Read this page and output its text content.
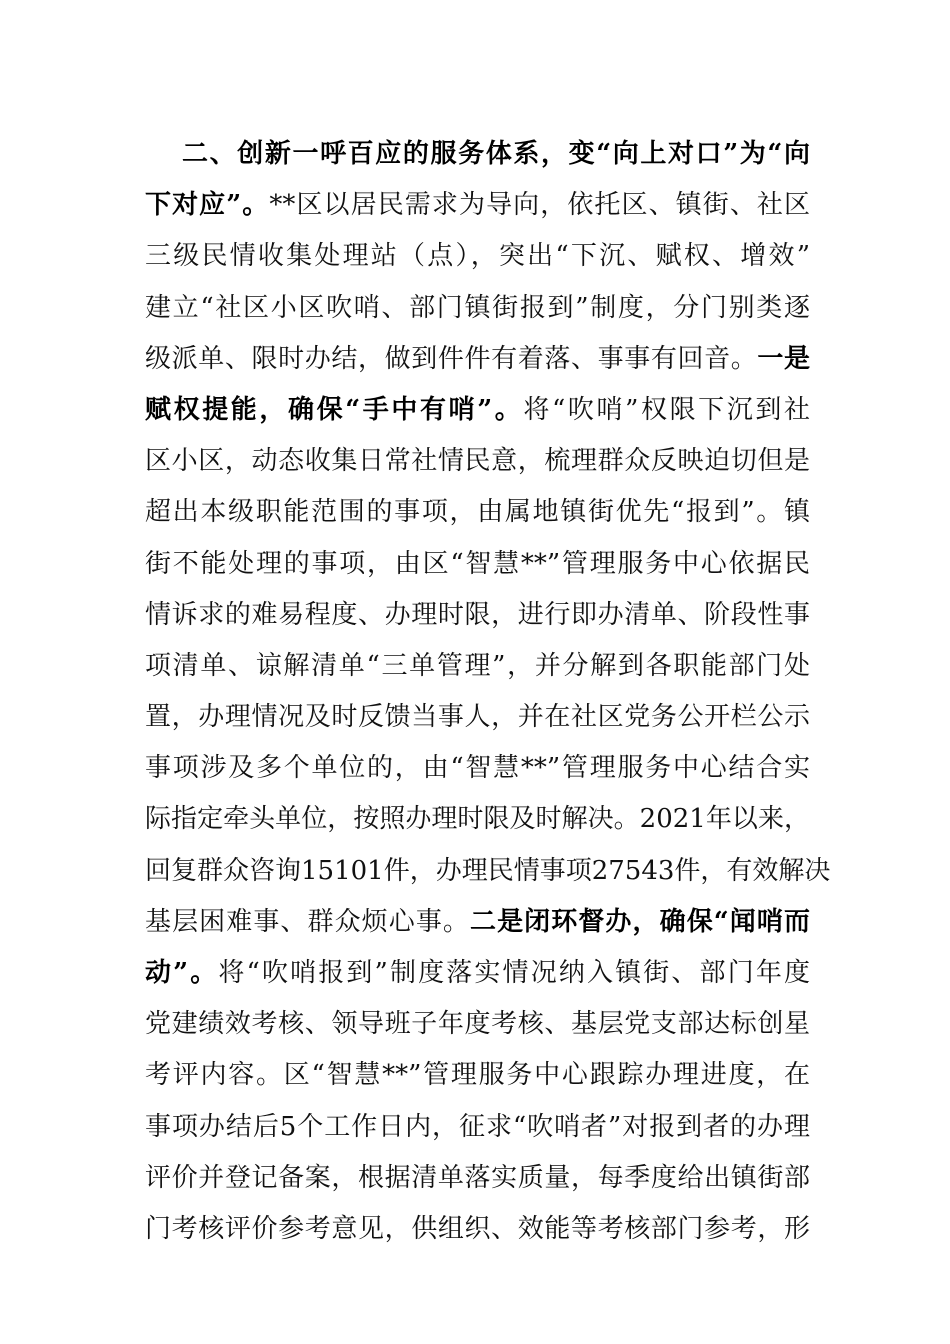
二、创新一呼百应的服务体系，变“向上对口”为“向
下对应”。**区以居民需求为导向，依托区、镇街、社区
三级民情收集处理站（点），突出“下沉、赋权、增效”
建立“社区小区吹哨、部门镇街报到”制度，分门别类逐
级派单、限时办结，做到件件有着落、事事有回音。一是
赋权提能，确保“手中有哨”。将“吹哨”权限下沉到社
区小区，动态收集日常社情民意，梳理群众反映迫切但是
超出本级职能范围的事项，由属地镇街优先“报到”。镇
街不能处理的事项，由区“智慧**”管理服务中心依据民
情诉求的难易程度、办理时限，进行即办清单、阶段性事
项清单、谅解清单“三单管理”，并分解到各职能部门处
置，办理情况及时反馈当事人，并在社区党务公开栏公示
事项涉及多个单位的，由“智慧**”管理服务中心结合实
际指定牵头单位，按照办理时限及时解决。2021年以来，
回复群众咨询15101件，办理民情事项27543件，有效解决
基层困难事、群众烦心事。二是闭环督办，确保“闻哨而
动”。将“吹哨报到”制度落实情况纳入镇街、部门年度
党建绩效考核、领导班子年度考核、基层党支部达标创星
考评内容。区“智慧**”管理服务中心跟踪办理进度，在
事项办结后5个工作日内，征求“吹哨者”对报到者的办理
评价并登记备案，根据清单落实质量，每季度给出镇街部
门考核评价参考意见，供组织、效能等考核部门参考，形
